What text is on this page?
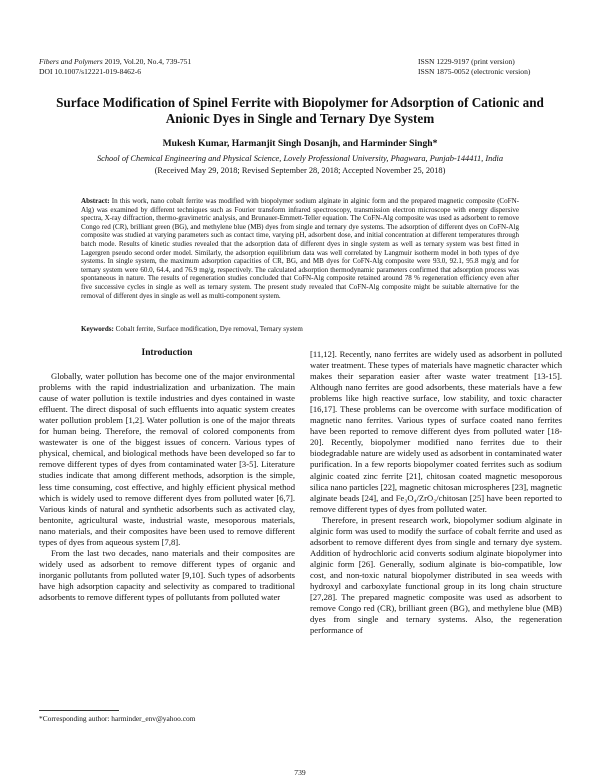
Fibers and Polymers 2019, Vol.20, No.4, 739-751
DOI 10.1007/s12221-019-8462-6
ISSN 1229-9197 (print version)
ISSN 1875-0052 (electronic version)
Surface Modification of Spinel Ferrite with Biopolymer for Adsorption of Cationic and Anionic Dyes in Single and Ternary Dye System
Mukesh Kumar, Harmanjit Singh Dosanjh, and Harminder Singh*
School of Chemical Engineering and Physical Science, Lovely Professional University, Phagwara, Punjab-144411, India
(Received May 29, 2018; Revised September 28, 2018; Accepted November 25, 2018)
Abstract: In this work, nano cobalt ferrite was modified with biopolymer sodium alginate in alginic form and the prepared magnetic composite (CoFN-Alg) was examined by different techniques such as Fourier transform infrared spectroscopy, transmission electron microscope with energy dispersive spectra, X-ray diffraction, thermo-gravimetric analysis, and Brunauer-Emmett-Teller equation. The CoFN-Alg composite was used as adsorbent to remove Congo red (CR), brilliant green (BG), and methylene blue (MB) dyes from single and ternary dye systems. The adsorption of different dyes on CoFN-Alg composite was studied at varying parameters such as contact time, varying pH, adsorbent dose, and initial concentration at different temperatures through batch mode. Results of kinetic studies revealed that the adsorption data of different dyes in single system as well as ternary system was best fitted in Lagergren pseudo second order model. Similarly, the adsorption equilibrium data was well correlated by Langmuir isotherm model in both types of dye systems. In single system, the maximum adsorption capacities of CR, BG, and MB dyes for CoFN-Alg composite were 93.0, 92.1, 95.8 mg/g and for ternary system were 60.0, 64.4, and 76.9 mg/g, respectively. The calculated adsorption thermodynamic parameters confirmed that adsorption process was spontaneous in nature. The results of regeneration studies concluded that CoFN-Alg composite retained around 78 % regeneration efficiency even after five successive cycles in single as well as ternary system. The present study revealed that CoFN-Alg composite might be suitable alternative for the removal of different dyes in single as well as multi-component system.
Keywords: Cobalt ferrite, Surface modification, Dye removal, Ternary system
Introduction

Globally, water pollution has become one of the major environmental problems with the rapid industrialization and urbanization. The main cause of water pollution is textile industries and dyes contained in waste effluent. The direct disposal of such effluents into aquatic system creates water pollution problem [1,2]. Water pollution is one of the major threats for human being. Therefore, the removal of colored components from wastewater is one of the biggest issues of concern. Various types of physical, chemical, and biological methods have been developed so far to remove different types of dyes from contaminated water [3-5]. Literature studies indicate that among different methods, adsorption is the simple, less time consuming, cost effective, and highly efficient physical method which is widely used to remove different dyes from polluted water [6,7]. Various kinds of natural and synthetic adsorbents such as activated clay, bentonite, agricultural waste, industrial waste, mesoporous materials, nano materials, and their composites have been used to remove different types of dyes from aqueous system [7,8].

From the last two decades, nano materials and their composites are widely used as adsorbent to remove different types of organic and inorganic pollutants from polluted water [9,10]. Such types of adsorbents have high adsorption capacity and selectivity as compared to traditional adsorbents to remove different types of pollutants from polluted water

[11,12]. Recently, nano ferrites are widely used as adsorbent in polluted water treatment. These types of materials have magnetic character which makes their separation easier after waste water treatment [13-15]. Although nano ferrites are good adsorbents, these materials have a few problems like high reactive surface, low stability, and toxic character [16,17]. These problems can be overcome with surface modification of magnetic nano ferrites. Various types of surface coated nano ferrites have been reported to remove different dyes from polluted water [18-20]. Recently, biopolymer modified nano ferrites due to their biodegradable nature are widely used as adsorbent in contaminated water purification. In a few reports biopolymer coated ferrites such as sodium alginic coated zinc ferrite [21], chitosan coated magnetic mesoporous silica nano particles [22], magnetic chitosan microspheres [23], magnetic alginate beads [24], and Fe₃O₄/ZrO₂/chitosan [25] have been reported to remove different types of dyes from polluted water.

Therefore, in present research work, biopolymer sodium alginate in alginic form was used to modify the surface of cobalt ferrite and used as adsorbent to remove different dyes from single and ternary dye system. Addition of hydrochloric acid converts sodium alginate biopolymer into alginic form [26]. Generally, sodium alginate is bio-compatible, low cost, and non-toxic natural biopolymer distributed in sea weeds with hydroxyl and carboxylate functional group in its long chain structure [27,28]. The prepared magnetic composite was used as adsorbent to remove Congo red (CR), brilliant green (BG), and methylene blue (MB) dyes from single and ternary systems. Also, the regeneration performance of

*Corresponding author: harminder_env@yahoo.com
739
